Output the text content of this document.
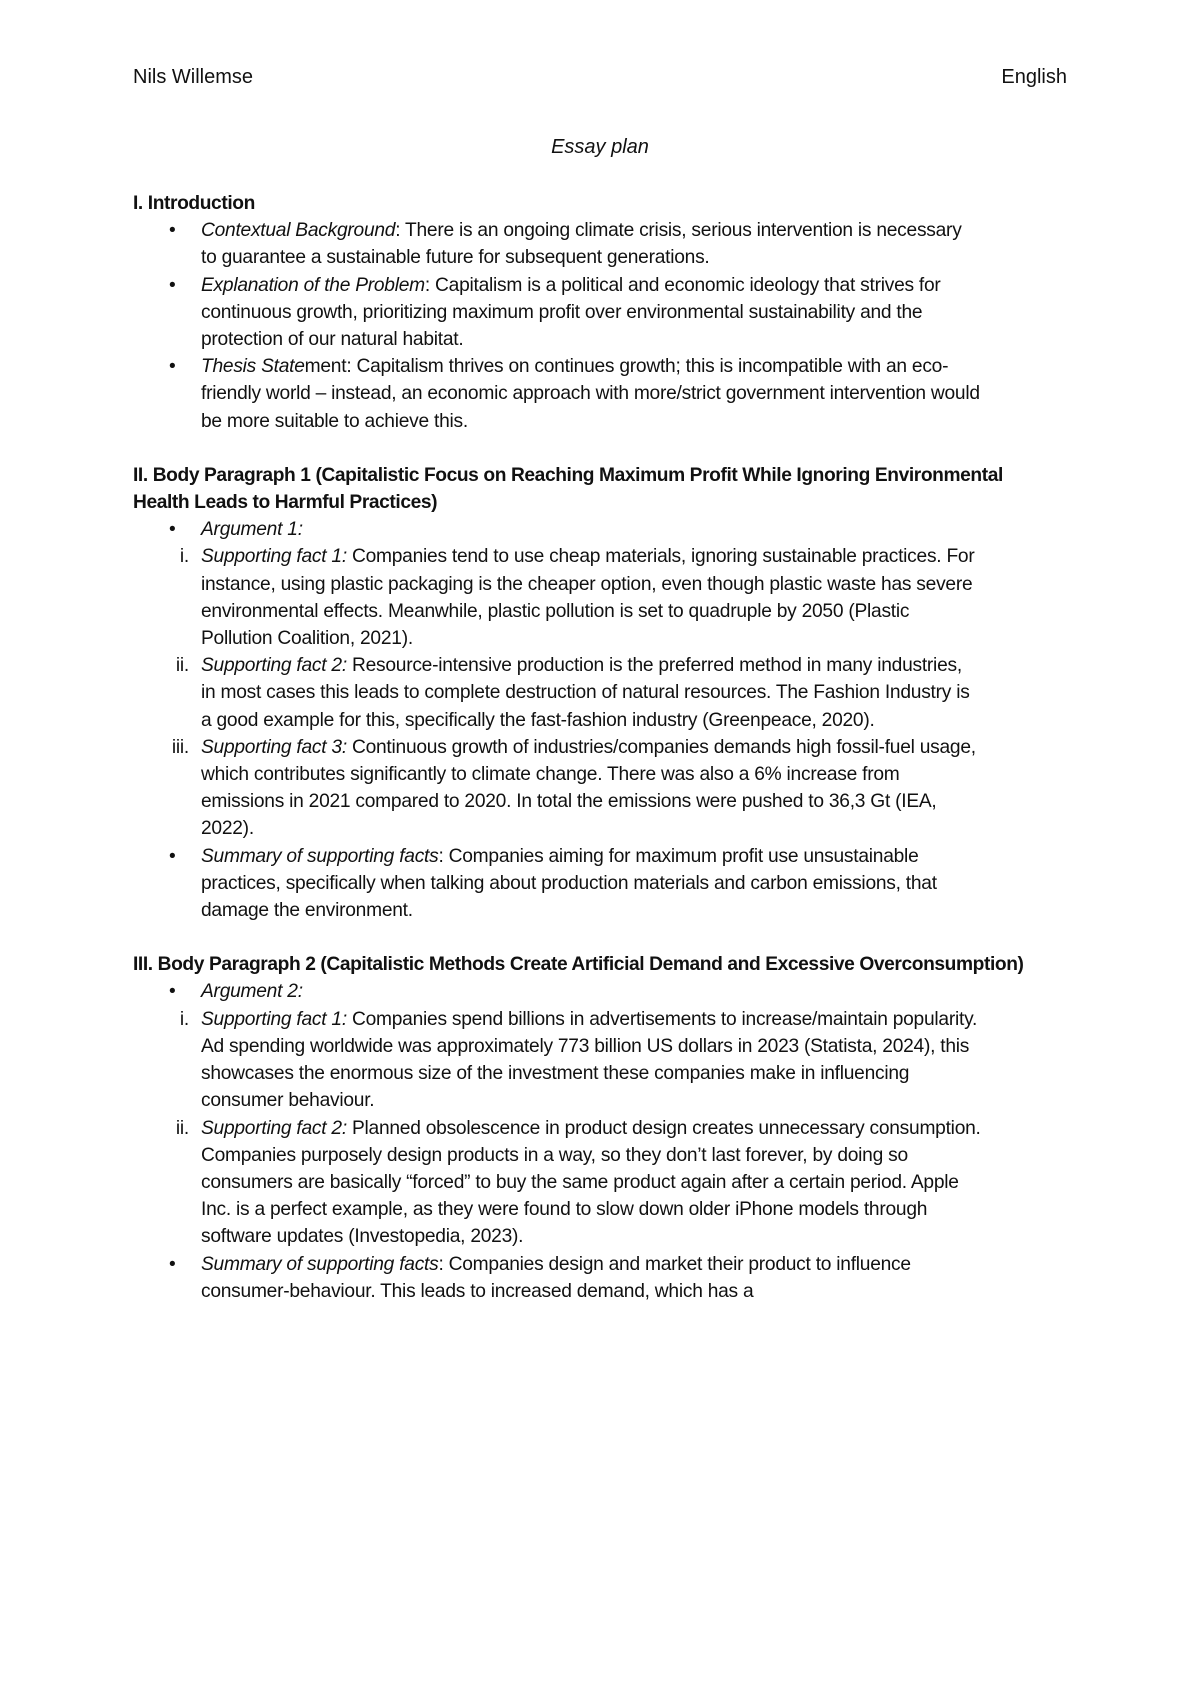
Nils Willemse	English
Essay plan
I. Introduction
• Contextual Background: There is an ongoing climate crisis, serious intervention is necessary to guarantee a sustainable future for subsequent generations.
• Explanation of the Problem: Capitalism is a political and economic ideology that strives for continuous growth, prioritizing maximum profit over environmental sustainability and the protection of our natural habitat.
• Thesis Statement: Capitalism thrives on continues growth; this is incompatible with an eco-friendly world – instead, an economic approach with more/strict government intervention would be more suitable to achieve this.
II. Body Paragraph 1 (Capitalistic Focus on Reaching Maximum Profit While Ignoring Environmental Health Leads to Harmful Practices)
• Argument 1:
i. Supporting fact 1: Companies tend to use cheap materials, ignoring sustainable practices. For instance, using plastic packaging is the cheaper option, even though plastic waste has severe environmental effects. Meanwhile, plastic pollution is set to quadruple by 2050 (Plastic Pollution Coalition, 2021).
ii. Supporting fact 2: Resource-intensive production is the preferred method in many industries, in most cases this leads to complete destruction of natural resources. The Fashion Industry is a good example for this, specifically the fast-fashion industry (Greenpeace, 2020).
iii. Supporting fact 3: Continuous growth of industries/companies demands high fossil-fuel usage, which contributes significantly to climate change. There was also a 6% increase from emissions in 2021 compared to 2020. In total the emissions were pushed to 36,3 Gt (IEA, 2022).
• Summary of supporting facts: Companies aiming for maximum profit use unsustainable practices, specifically when talking about production materials and carbon emissions, that damage the environment.
III. Body Paragraph 2 (Capitalistic Methods Create Artificial Demand and Excessive Overconsumption)
• Argument 2:
i. Supporting fact 1: Companies spend billions in advertisements to increase/maintain popularity. Ad spending worldwide was approximately 773 billion US dollars in 2023 (Statista, 2024), this showcases the enormous size of the investment these companies make in influencing consumer behaviour.
ii. Supporting fact 2: Planned obsolescence in product design creates unnecessary consumption. Companies purposely design products in a way, so they don’t last forever, by doing so consumers are basically “forced” to buy the same product again after a certain period. Apple Inc. is a perfect example, as they were found to slow down older iPhone models through software updates (Investopedia, 2023).
• Summary of supporting facts: Companies design and market their product to influence consumer-behaviour. This leads to increased demand, which has a
